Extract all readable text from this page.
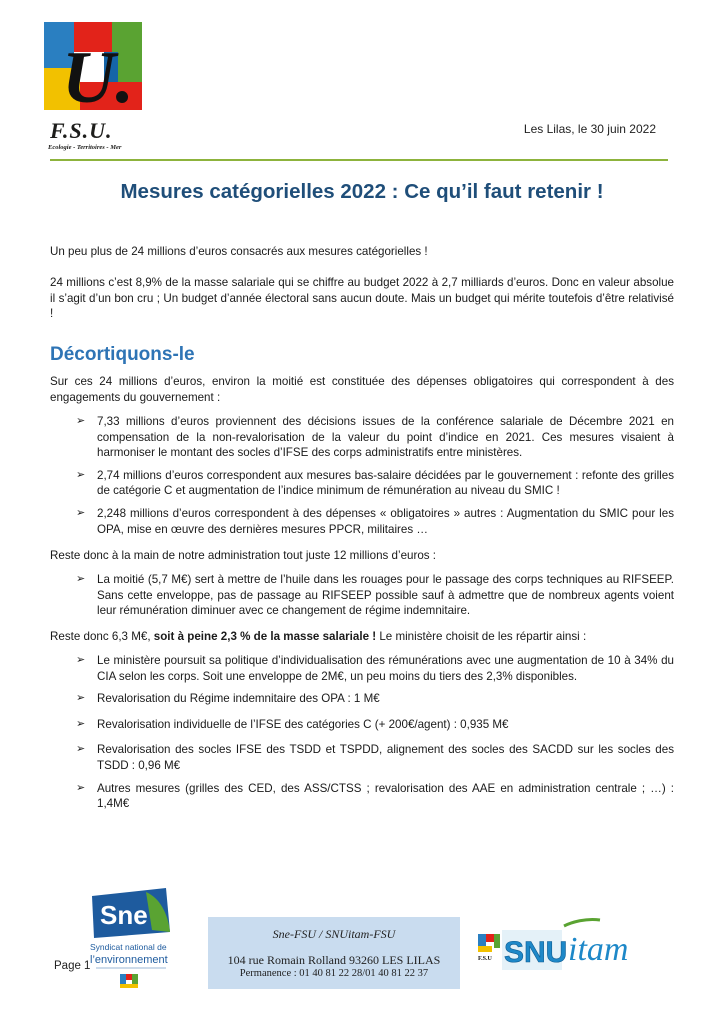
U.
F.S.U.
Ecologie - Territoires - Mer
Les Lilas, le 30 juin 2022
Mesures catégorielles 2022 : Ce qu’il faut retenir !
Un peu plus de 24 millions d’euros consacrés aux mesures catégorielles !
24 millions c’est 8,9% de la masse salariale qui se chiffre au budget 2022 à 2,7 milliards d’euros. Donc en valeur absolue il s’agit d’un bon cru ; Un budget d’année électoral sans aucun doute. Mais un budget qui mérite toutefois d’être relativisé !
Décortiquons-le
Sur ces 24 millions d’euros, environ la moitié est constituée des dépenses obligatoires qui correspondent à des engagements du gouvernement :
➢ 7,33 millions d’euros proviennent des décisions issues de la conférence salariale de Décembre 2021 en compensation de la non-revalorisation de la valeur du point d’indice en 2021. Ces mesures visaient à harmoniser le montant des socles d’IFSE des corps administratifs entre ministères.
➢ 2,74 millions d’euros correspondent aux mesures bas-salaire décidées par le gouvernement : refonte des grilles de catégorie C et augmentation de l’indice minimum de rémunération au niveau du SMIC !
➢ 2,248 millions d’euros correspondent à des dépenses « obligatoires » autres : Augmentation du SMIC pour les OPA, mise en œuvre des dernières mesures PPCR, militaires …
Reste donc à la main de notre administration tout juste 12 millions d’euros :
➢ La moitié (5,7 M€) sert à mettre de l’huile dans les rouages pour le passage des corps techniques au RIFSEEP. Sans cette enveloppe, pas de passage au RIFSEEP possible sauf à admettre que de nombreux agents voient leur rémunération diminuer avec ce changement de régime indemnitaire.
Reste donc 6,3 M€, soit à peine 2,3 % de la masse salariale ! Le ministère choisit de les répartir ainsi :
➢ Le ministère poursuit sa politique d’individualisation des rémunérations avec une augmentation de 10 à 34% du CIA selon les corps. Soit une enveloppe de 2M€, un peu moins du tiers des 2,3% disponibles.
➢ Revalorisation du Régime indemnitaire des OPA : 1 M€
➢ Revalorisation individuelle de l’IFSE des catégories C (+ 200€/agent) : 0,935 M€
➢ Revalorisation des socles IFSE des TSDD et TSPDD, alignement des socles des SACDD sur les socles des TSDD : 0,96 M€
➢ Autres mesures (grilles des CED, des ASS/CTSS ; revalorisation des AAE en administration centrale ; …) : 1,4M€
Sne
Syndicat national de
l’environnement
Page 1
Sne-FSU / SNUitam-FSU
104 rue Romain Rolland 93260 LES LILAS
Permanence : 01 40 81 22 28/01 40 81 22 37
F.S.U SNU itam
